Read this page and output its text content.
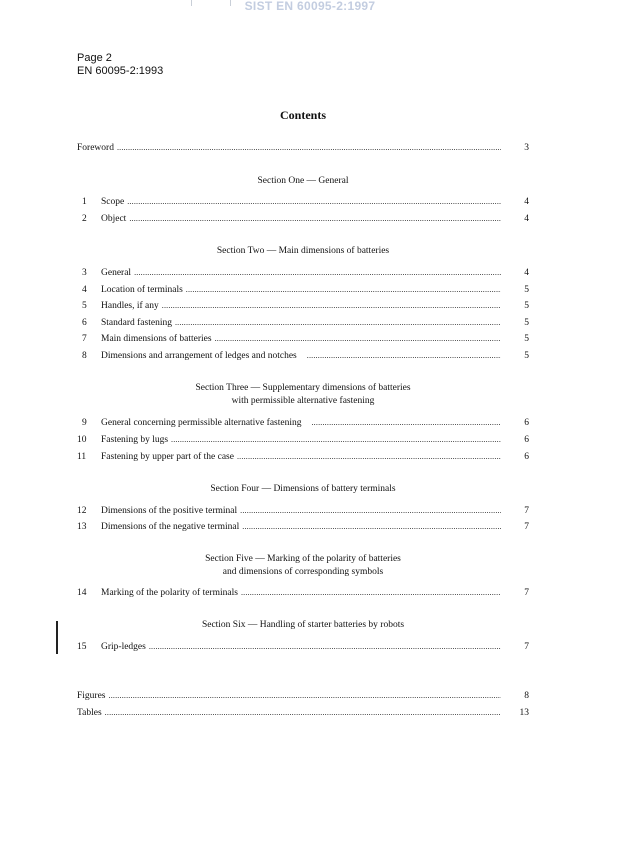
SIST EN 60095-2:1997
Page 2
EN 60095-2:1993
Contents
Foreword .....	3
Section One — General
1	Scope .....	4
2	Object .....	4
Section Two — Main dimensions of batteries
3	General .....	4
4	Location of terminals .....	5
5	Handles, if any .....	5
6	Standard fastening .....	5
7	Main dimensions of batteries .....	5
8	Dimensions and arrangement of ledges and notches .....	5
Section Three — Supplementary dimensions of batteries
with permissible alternative fastening
9	General concerning permissible alternative fastening .....	6
10	Fastening by lugs .....	6
11	Fastening by upper part of the case .....	6
Section Four — Dimensions of battery terminals
12	Dimensions of the positive terminal .....	7
13	Dimensions of the negative terminal .....	7
Section Five — Marking of the polarity of batteries
and dimensions of corresponding symbols
14	Marking of the polarity of terminals .....	7
Section Six — Handling of starter batteries by robots
15	Grip-ledges .....	7
Figures .....	8
Tables .....	13
